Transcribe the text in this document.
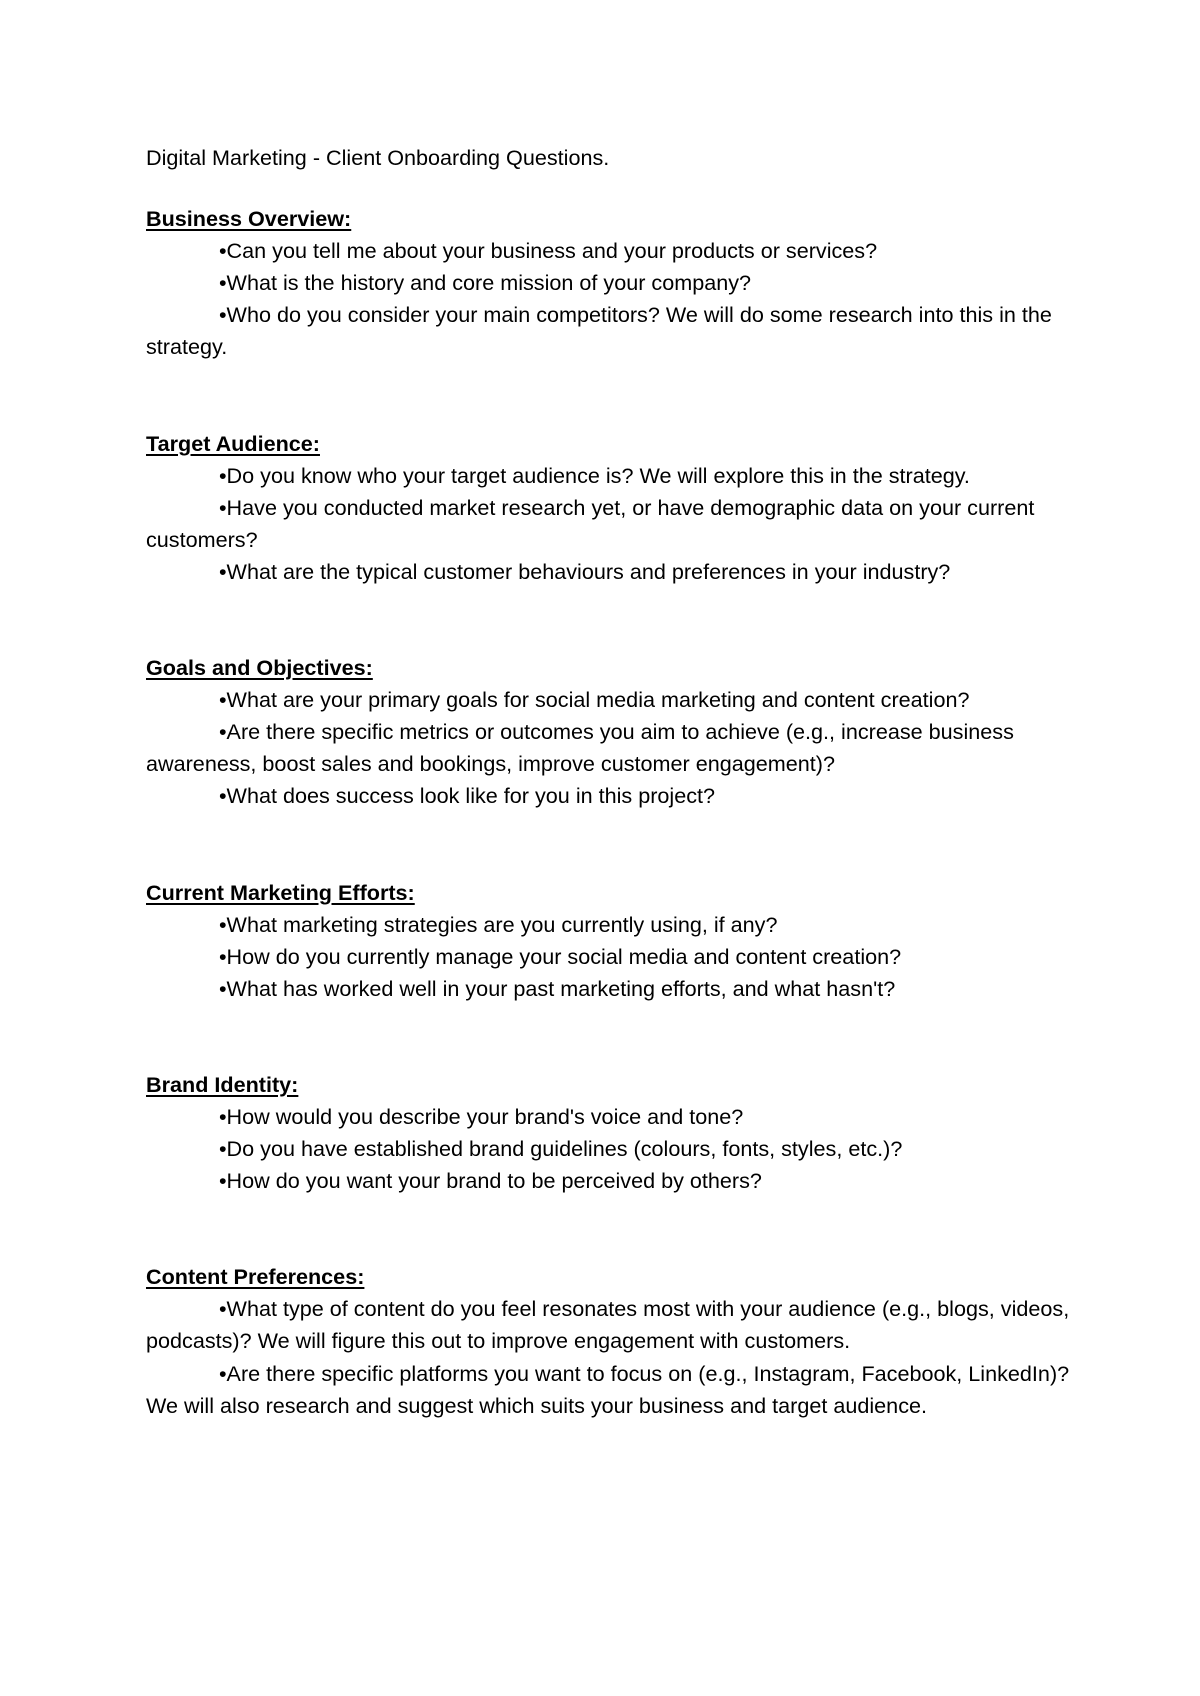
Digital Marketing - Client Onboarding Questions.

Business Overview:

•Can you tell me about your business and your products or services?

•What is the history and core mission of your company?

•Who do you consider your main competitors? We will do some research into this in the strategy.

Target Audience:

•Do you know who your target audience is? We will explore this in the strategy.

•Have you conducted market research yet, or have demographic data on your current customers?

•What are the typical customer behaviours and preferences in your industry?

Goals and Objectives:

•What are your primary goals for social media marketing and content creation?

•Are there specific metrics or outcomes you aim to achieve (e.g., increase business awareness, boost sales and bookings, improve customer engagement)?

•What does success look like for you in this project?

Current Marketing Efforts:

•What marketing strategies are you currently using, if any?

•How do you currently manage your social media and content creation?

•What has worked well in your past marketing efforts, and what hasn't?

Brand Identity:

•How would you describe your brand's voice and tone?

•Do you have established brand guidelines (colours, fonts, styles, etc.)?

•How do you want your brand to be perceived by others?

Content Preferences:

•What type of content do you feel resonates most with your audience (e.g., blogs, videos, podcasts)? We will figure this out to improve engagement with customers.

•Are there specific platforms you want to focus on (e.g., Instagram, Facebook, LinkedIn)? We will also research and suggest which suits your business and target audience.
